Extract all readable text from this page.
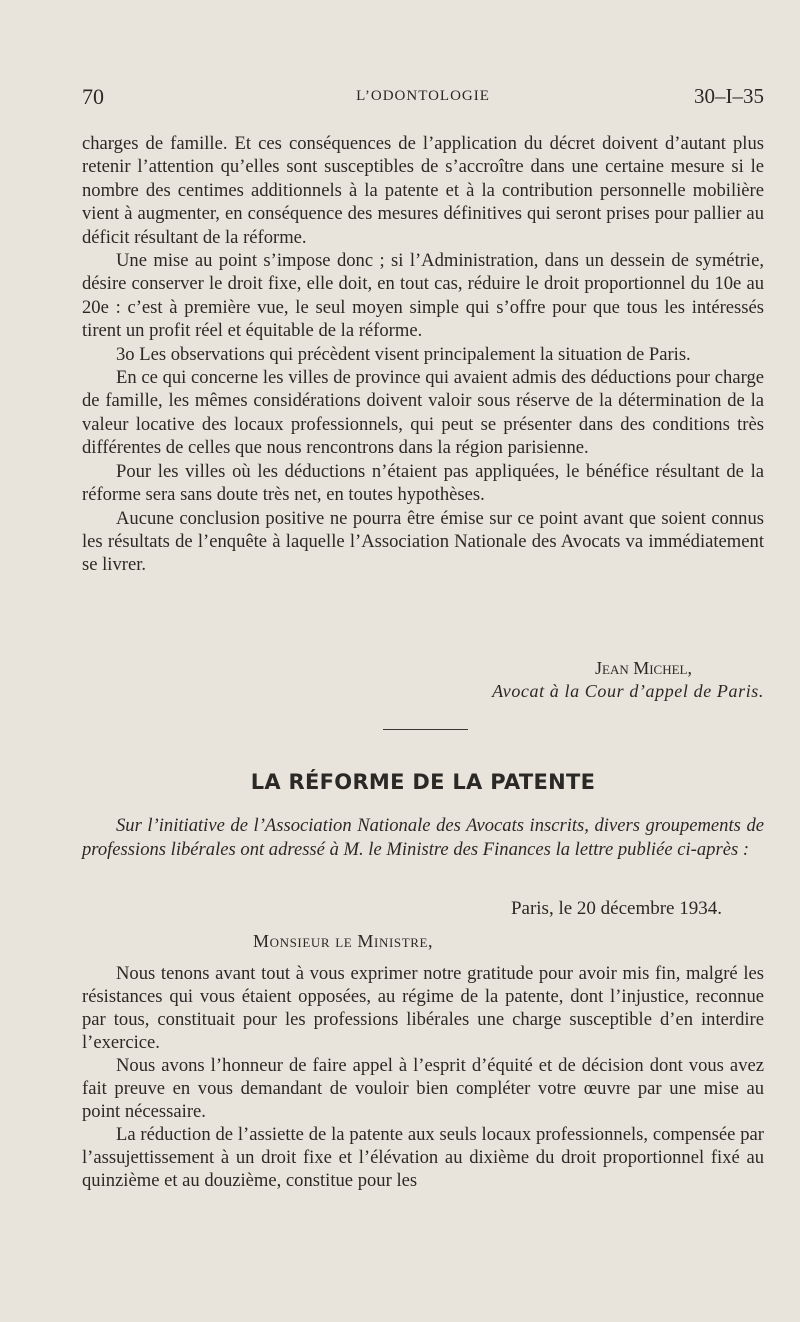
70	L’ODONTOLOGIE	30–I–35

charges de famille. Et ces conséquences de l’application du décret doivent d’autant plus retenir l’attention qu’elles sont susceptibles de s’accroître dans une certaine mesure si le nombre des centimes additionnels à la patente et à la contribution personnelle mobilière vient à augmenter, en conséquence des mesures définitives qui seront prises pour pallier au déficit résultant de la réforme.

Une mise au point s’impose donc ; si l’Administration, dans un dessein de symétrie, désire conserver le droit fixe, elle doit, en tout cas, réduire le droit proportionnel du 10e au 20e : c’est à première vue, le seul moyen simple qui s’offre pour que tous les intéressés tirent un profit réel et équitable de la réforme.

3o Les observations qui précèdent visent principalement la situation de Paris.

En ce qui concerne les villes de province qui avaient admis des déductions pour charge de famille, les mêmes considérations doivent valoir sous réserve de la détermination de la valeur locative des locaux professionnels, qui peut se présenter dans des conditions très différentes de celles que nous rencontrons dans la région parisienne.

Pour les villes où les déductions n’étaient pas appliquées, le bénéfice résultant de la réforme sera sans doute très net, en toutes hypothèses.

Aucune conclusion positive ne pourra être émise sur ce point avant que soient connus les résultats de l’enquête à laquelle l’Association Nationale des Avocats va immédiatement se livrer.

Jean Michel,
Avocat à la Cour d’appel de Paris.
LA RÉFORME DE LA PATENTE

Sur l’initiative de l’Association Nationale des Avocats inscrits, divers groupements de professions libérales ont adressé à M. le Ministre des Finances la lettre publiée ci-après :

Paris, le 20 décembre 1934.
Monsieur le Ministre,

Nous tenons avant tout à vous exprimer notre gratitude pour avoir mis fin, malgré les résistances qui vous étaient opposées, au régime de la patente, dont l’injustice, reconnue par tous, constituait pour les professions libérales une charge susceptible d’en interdire l’exercice.

Nous avons l’honneur de faire appel à l’esprit d’équité et de décision dont vous avez fait preuve en vous demandant de vouloir bien compléter votre œuvre par une mise au point nécessaire.

La réduction de l’assiette de la patente aux seuls locaux professionnels, compensée par l’assujettissement à un droit fixe et l’élévation au dixième du droit proportionnel fixé au quinzième et au douzième, constitue pour les
